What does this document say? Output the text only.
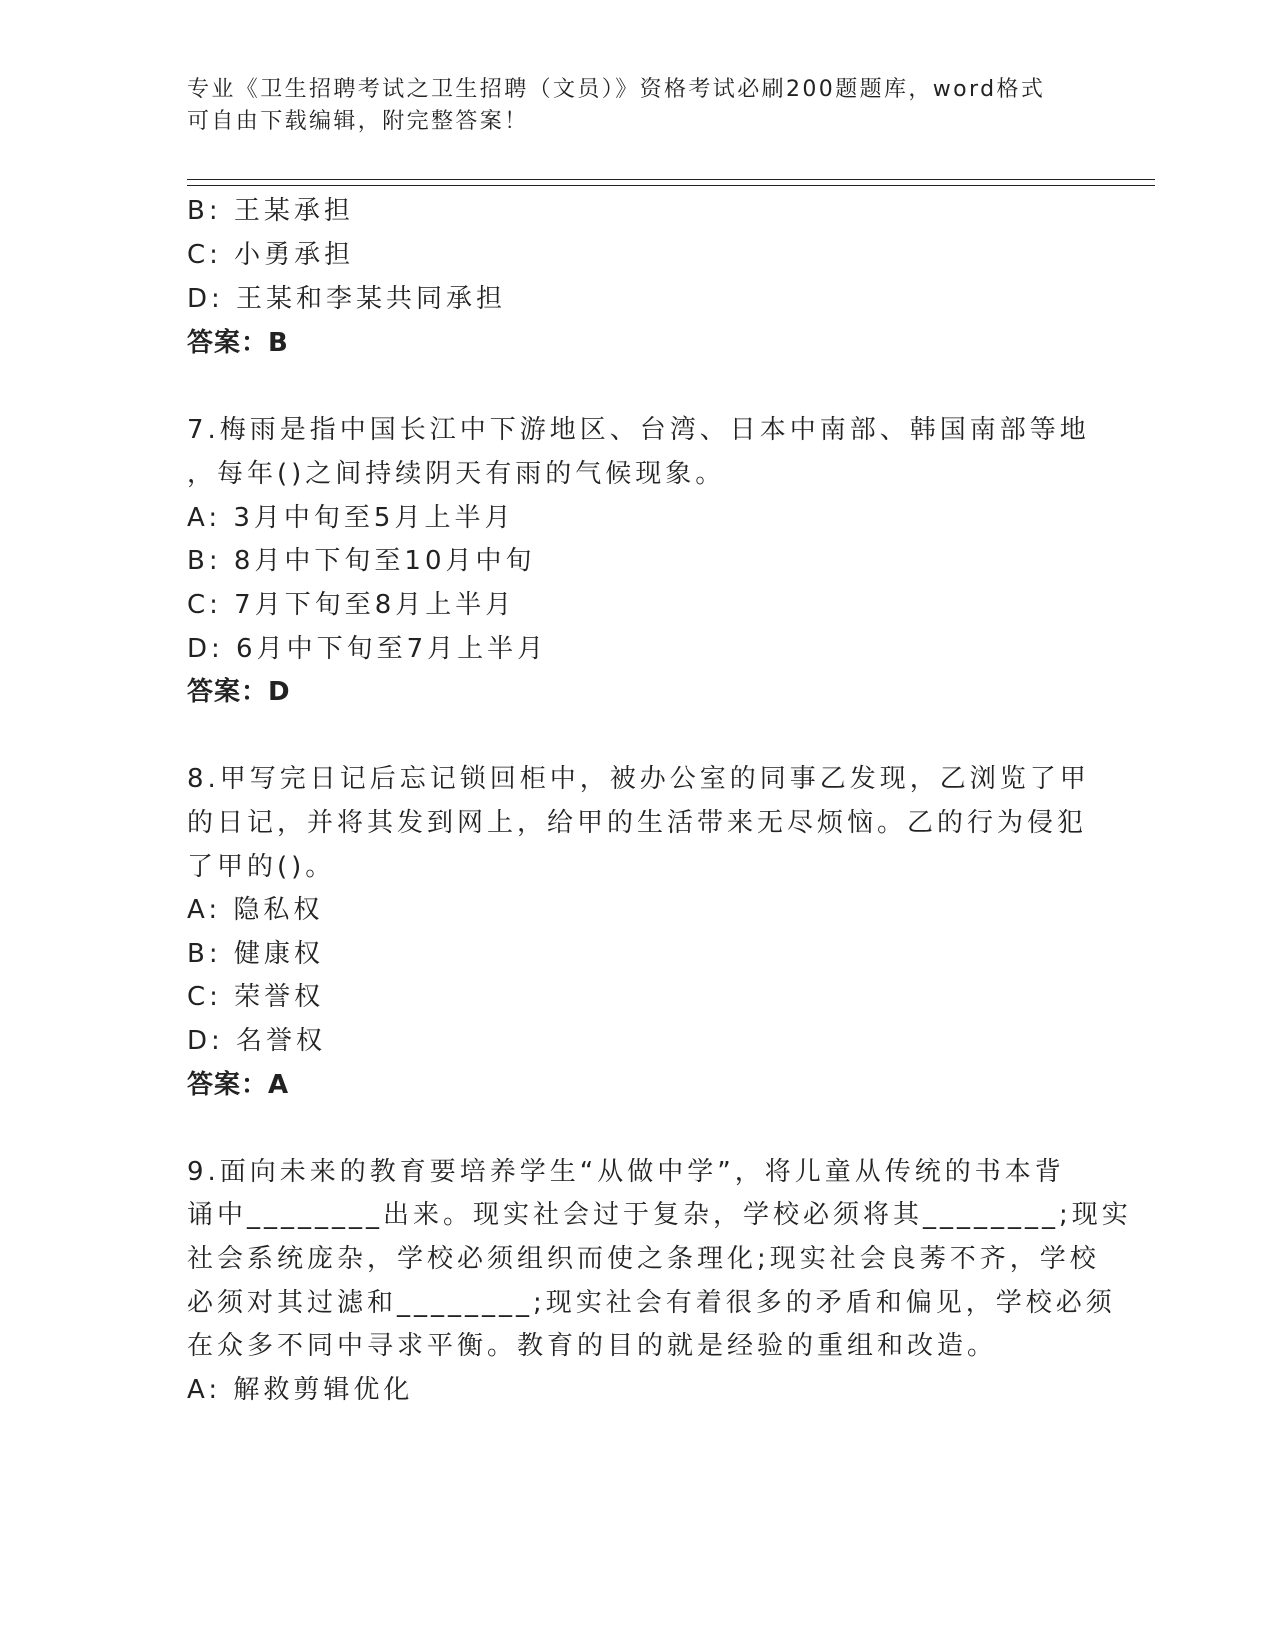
专业《卫生招聘考试之卫生招聘（文员）》资格考试必刷200题题库，word格式
可自由下载编辑，附完整答案！
B: 王某承担
C: 小勇承担
D: 王某和李某共同承担
答案：B
7.梅雨是指中国长江中下游地区、台湾、日本中南部、韩国南部等地
，每年()之间持续阴天有雨的气候现象。
A: 3月中旬至5月上半月
B: 8月中下旬至10月中旬
C: 7月下旬至8月上半月
D: 6月中下旬至7月上半月
答案：D
8.甲写完日记后忘记锁回柜中，被办公室的同事乙发现，乙浏览了甲
的日记，并将其发到网上，给甲的生活带来无尽烦恼。乙的行为侵犯
了甲的()。
A: 隐私权
B: 健康权
C: 荣誉权
D: 名誉权
答案：A
9.面向未来的教育要培养学生“从做中学”，将儿童从传统的书本背
诵中________出来。现实社会过于复杂，学校必须将其________;现实
社会系统庞杂，学校必须组织而使之条理化;现实社会良莠不齐，学校
必须对其过滤和________;现实社会有着很多的矛盾和偏见，学校必须
在众多不同中寻求平衡。教育的目的就是经验的重组和改造。
A: 解救剪辑优化
